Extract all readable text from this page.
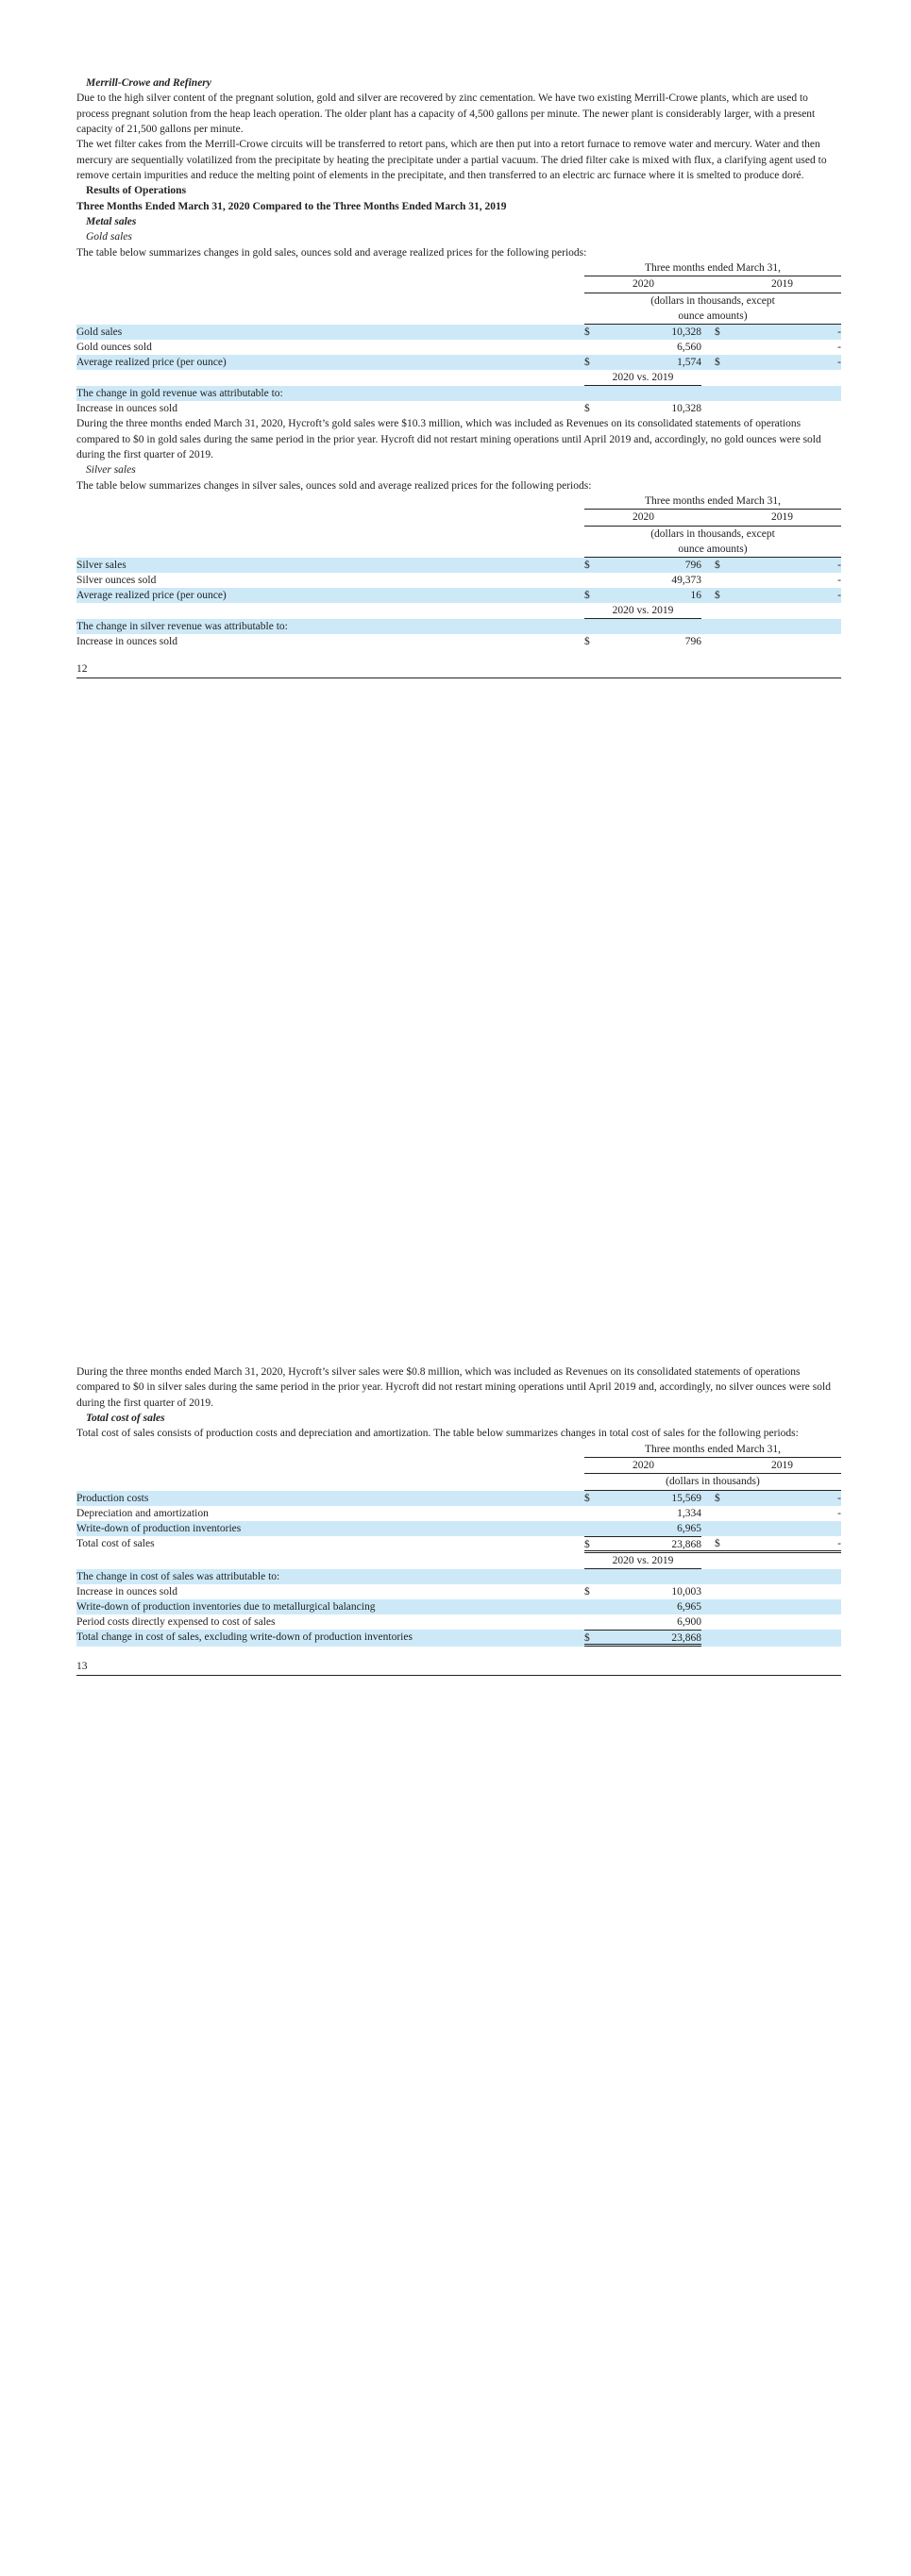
Merrill-Crowe and Refinery

Due to the high silver content of the pregnant solution, gold and silver are recovered by zinc cementation. We have two existing Merrill-Crowe plants, which are used to process pregnant solution from the heap leach operation. The older plant has a capacity of 4,500 gallons per minute. The newer plant is considerably larger, with a present capacity of 21,500 gallons per minute.

The wet filter cakes from the Merrill-Crowe circuits will be transferred to retort pans, which are then put into a retort furnace to remove water and mercury. Water and then mercury are sequentially volatilized from the precipitate by heating the precipitate under a partial vacuum. The dried filter cake is mixed with flux, a clarifying agent used to remove certain impurities and reduce the melting point of elements in the precipitate, and then transferred to an electric arc furnace where it is smelted to produce doré.

Results of Operations

Three Months Ended March 31, 2020 Compared to the Three Months Ended March 31, 2019

Metal sales

Gold sales

The table below summarizes changes in gold sales, ounces sold and average realized prices for the following periods:

Three months ended March 31,
2020	2019
(dollars in thousands, except
ounce amounts)
Gold sales	$	10,328	$	-
Gold ounces sold	6,560	-
Average realized price (per ounce)	$	1,574	$	-
2020 vs. 2019
The change in gold revenue was attributable to:
Increase in ounces sold	$	10,328

During the three months ended March 31, 2020, Hycroft’s gold sales were $10.3 million, which was included as Revenues on its consolidated statements of operations compared to $0 in gold sales during the same period in the prior year. Hycroft did not restart mining operations until April 2019 and, accordingly, no gold ounces were sold during the first quarter of 2019.

Silver sales

The table below summarizes changes in silver sales, ounces sold and average realized prices for the following periods:

Three months ended March 31,
2020	2019
(dollars in thousands, except
ounce amounts)
Silver sales	$	796	$	-
Silver ounces sold	49,373	-
Average realized price (per ounce)	$	16	$	-
2020 vs. 2019
The change in silver revenue was attributable to:
Increase in ounces sold	$	796
12

During the three months ended March 31, 2020, Hycroft’s silver sales were $0.8 million, which was included as Revenues on its consolidated statements of operations compared to $0 in silver sales during the same period in the prior year. Hycroft did not restart mining operations until April 2019 and, accordingly, no silver ounces were sold during the first quarter of 2019.

Total cost of sales

Total cost of sales consists of production costs and depreciation and amortization. The table below summarizes changes in total cost of sales for the following periods:

Three months ended March 31,
2020	2019
(dollars in thousands)
Production costs	$	15,569	$	-
Depreciation and amortization	1,334	-
Write-down of production inventories	6,965
Total cost of sales	$	23,868	$	-
2020 vs. 2019
The change in cost of sales was attributable to:
Increase in ounces sold	$	10,003
Write-down of production inventories due to metallurgical balancing	6,965
Period costs directly expensed to cost of sales	6,900
Total change in cost of sales, excluding write-down of production inventories	$	23,868
13
